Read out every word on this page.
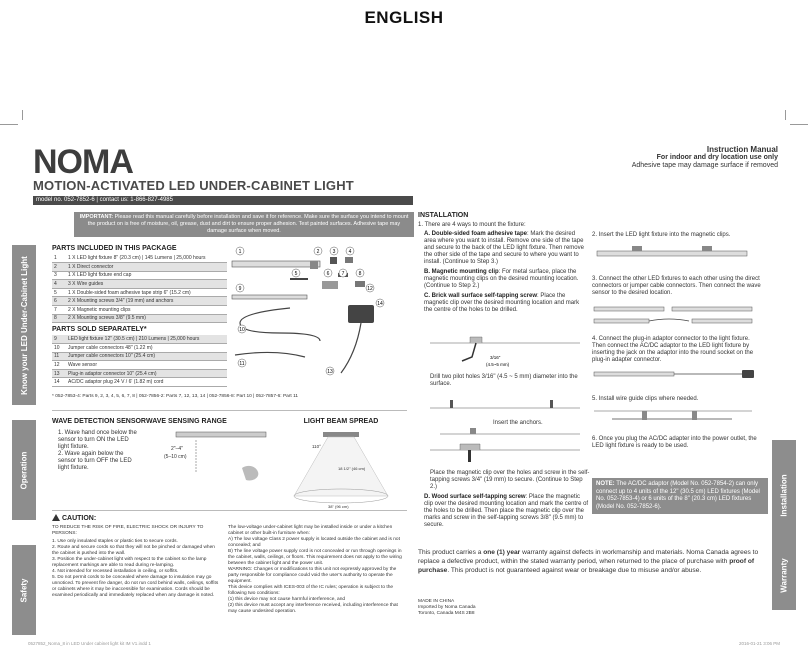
ENGLISH
NOMA
MOTION-ACTIVATED LED UNDER-CABINET LIGHT
Instruction Manual
For indoor and dry location use only
Adhesive tape may damage surface if removed
model no. 052-7852-6 | contact us: 1-866-827-4985
IMPORTANT: Please read this manual carefully before installation and save it for reference. Make sure the surface you intend to mount the product on is free of moisture, oil, grease, dust and dirt to ensure proper adhesion. Test painted surfaces. Adhesive tape may damage surface when moved.
Know your LED Under-Cabinet Light
Operation
Safety
Installation
Warranty
PARTS INCLUDED IN THIS PACKAGE
1	1 X LED light fixture 8" (20.3 cm) | 145 Lumens | 25,000 hours
2	1 X Direct connector
3	1 X LED light fixture end cap
4	3 X Wire guides
5	1 X Double-sided foam adhesive tape strip 6" (15.2 cm)
6	2 X Mounting screws 3/4" (19 mm) and anchors
7	2 X Magnetic mounting clips
8	2 X Mounting screws 3/8" (9.5 mm)
PARTS SOLD SEPARATELY*
9	LED light fixture 12" (30.5 cm) | 210 Lumens | 25,000 hours
10	Jumper cable connectors 48" (1.22 m)
11	Jumper cable connectors 10" (25.4 cm)
12	Wave sensor
13	Plug-in adaptor connector 10" (25.4 cm)
14	AC/DC adaptor plug 24 V / 6' (1.82 m) cord
* 052-7853-4: Parts 9, 2, 3, 4, 5, 6, 7, 8 | 052-7856-2: Parts 7, 12, 13, 14 | 052-7856-8: Part 10 | 052-7857-6: Part 11
1	2	3	4
5	6 7	8
9
10
11
12
13
14
WAVE DETECTION SENSOR
1. Wave hand once below the sensor to turn ON the LED light fixture.
2. Wave again below the sensor to turn OFF the LED light fixture.
WAVE SENSING RANGE
2"–4"
(5–10 cm)
LIGHT BEAM SPREAD
110°
18 1/2" (46 cm)
38" (96 cm)
CAUTION:
TO REDUCE THE RISK OF FIRE, ELECTRIC SHOCK OR INJURY TO PERSONS:
1. Use only insulated staples or plastic ties to secure cords.
2. Route and secure cords so that they will not be pinched or damaged when the cabinet is pushed into the wall.
3. Position the under-cabinet light with respect to the cabinet so the lamp replacement markings are able to read during re-lamping.
4. Not intended for recessed installation in ceiling, or soffits.
5. Do not permit cords to be concealed where damage to insulation may go unnoticed. To prevent fire danger, do not run cord behind walls, ceilings, soffits or cabinets where it may be inaccessible for examination. Cords should be examined periodically and immediately replaced when any damage is noted.
The low-voltage under-cabinet light may be installed inside or under a kitchen cabinet or other built-in furniture when:
A) The low voltage Class 2 power supply is located outside the cabinet and is not concealed; and
B) The line voltage power supply cord is not concealed or run through openings in the cabinet, walls, ceilings, or floors. This requirement does not apply to the wiring between the cabinet light and the power unit.
WARNING: Changes or modifications to this unit not expressly approved by the party responsible for compliance could void the user's authority to operate the equipment.
This device complies with ICES-003 of the IC rules; operation is subject to the following two conditions:
(1) this device may not cause harmful interference, and
(2) this device must accept any interference received, including interference that may cause undesired operation.
INSTALLATION
1. There are 4 ways to mount the fixture:
A. Double-sided foam adhesive tape: Mark the desired area where you want to install. Remove one side of the tape and secure to the back of the LED light fixture. Then remove the other side of the tape and secure to where you want to install. (Continue to Step 3.)
B. Magnetic mounting clip: For metal surface, place the magnetic mounting clips on the desired mounting location. (Continue to Step 2.)
C. Brick wall surface self-tapping screw: Place the magnetic clip over the desired mounting location and mark the centre of the holes to be drilled.
3/16"
(4.5~5 mm)
Drill two pilot holes 3/16" (4.5 ~ 5 mm) diameter into the surface.
Insert the anchors.
Place the magnetic clip over the holes and screw in the self-tapping screws 3/4" (19 mm) to secure. (Continue to Step 2.)
D. Wood surface self-tapping screw: Place the magnetic clip over the desired mounting location and mark the centre of the holes to be drilled. Then place the magnetic clip over the marks and screw in the self-tapping screws 3/8" (9.5 mm) to secure.
2. Insert the LED light fixture into the magnetic clips.
3. Connect the other LED fixtures to each other using the direct connectors or jumper cable connectors. Then connect the wave sensor to the desired location.
4. Connect the plug-in adaptor connector to the light fixture. Then connect the AC/DC adaptor to the LED light fixture by inserting the jack on the adaptor into the round socket on the plug-in adapter connector.
5. Install wire guide clips where needed.
6. Once you plug the AC/DC adapter into the power outlet, the LED light fixture is ready to be used.
NOTE: The AC/DC adaptor (Model No. 052-7854-2) can only connect up to 4 units of the 12" (30.5 cm) LED fixtures (Model No. 052-7853-4) or 6 units of the 8" (20.3 cm) LED fixtures (Model No. 052-7852-6).
This product carries a one (1) year warranty against defects in workmanship and materials. Noma Canada agrees to replace a defective product, within the stated warranty period, when returned to the place of purchase with proof of purchase. This product is not guaranteed against wear or breakage due to misuse and/or abuse.
MADE IN CHINA
Imported by Noma Canada
Toronto, Canada M4S 2B8
0527852_Noma_8 in LED Under cabinet light kit IM V1.indd 1	2016-01-21 3:06 PM
